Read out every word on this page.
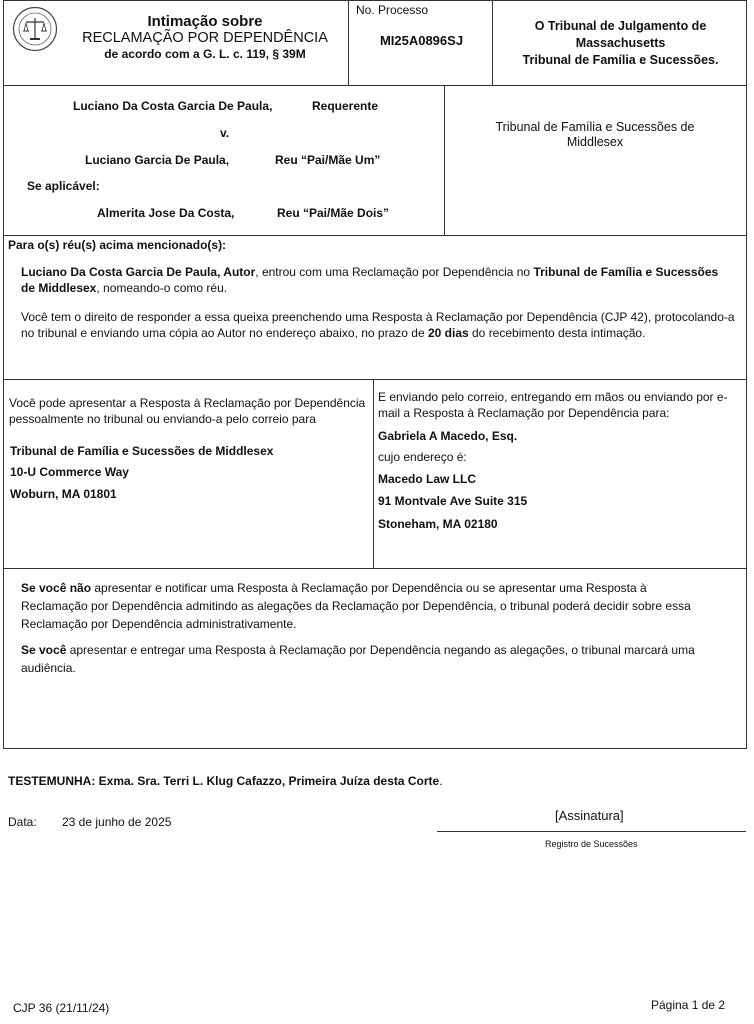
Intimação sobre
RECLAMAÇÃO POR DEPENDÊNCIA
de acordo com a G. L. c. 119, § 39M
No. Processo
MI25A0896SJ
O Tribunal de Julgamento de
Massachusetts
Tribunal de Família e Sucessões.
Luciano Da Costa Garcia De Paula,	Requerente
v.
Luciano Garcia De Paula,	Reu “Pai/Mãe Um”
Se aplicável:
Almerita Jose Da Costa,	Reu “Pai/Mãe Dois”
Tribunal de Família e Sucessões de Middlesex
Para o(s) réu(s) acima mencionado(s):

Luciano Da Costa Garcia De Paula, Autor, entrou com uma Reclamação por Dependência no Tribunal de Família e Sucessões de Middlesex, nomeando-o como réu.

Você tem o direito de responder a essa queixa preenchendo uma Resposta à Reclamação por Dependência (CJP 42), protocolando-a no tribunal e enviando uma cópia ao Autor no endereço abaixo, no prazo de 20 dias do recebimento desta intimação.

Você pode apresentar a Resposta à Reclamação por Dependência pessoalmente no tribunal ou enviando-a pelo correio para

Tribunal de Família e Sucessões de Middlesex
10-U Commerce Way
Woburn, MA 01801

E enviando pelo correio, entregando em mãos ou enviando por e-mail a Resposta à Reclamação por Dependência para:

Gabriela A Macedo, Esq.
cujo endereço é:
Macedo Law LLC
91 Montvale Ave Suite 315
Stoneham, MA 02180

Se você não apresentar e notificar uma Resposta à Reclamação por Dependência ou se apresentar uma Resposta à Reclamação por Dependência admitindo as alegações da Reclamação por Dependência, o tribunal poderá decidir sobre essa Reclamação por Dependência administrativamente.

Se você apresentar e entregar uma Resposta à Reclamação por Dependência negando as alegações, o tribunal marcará uma audiência.

TESTEMUNHA: Exma. Sra. Terri L. Klug Cafazzo, Primeira Juíza desta Corte.
Data: 23 de junho de 2025	[Assinatura]
Registro de Sucessões
CJP 36 (21/11/24)	Página 1 de 2
